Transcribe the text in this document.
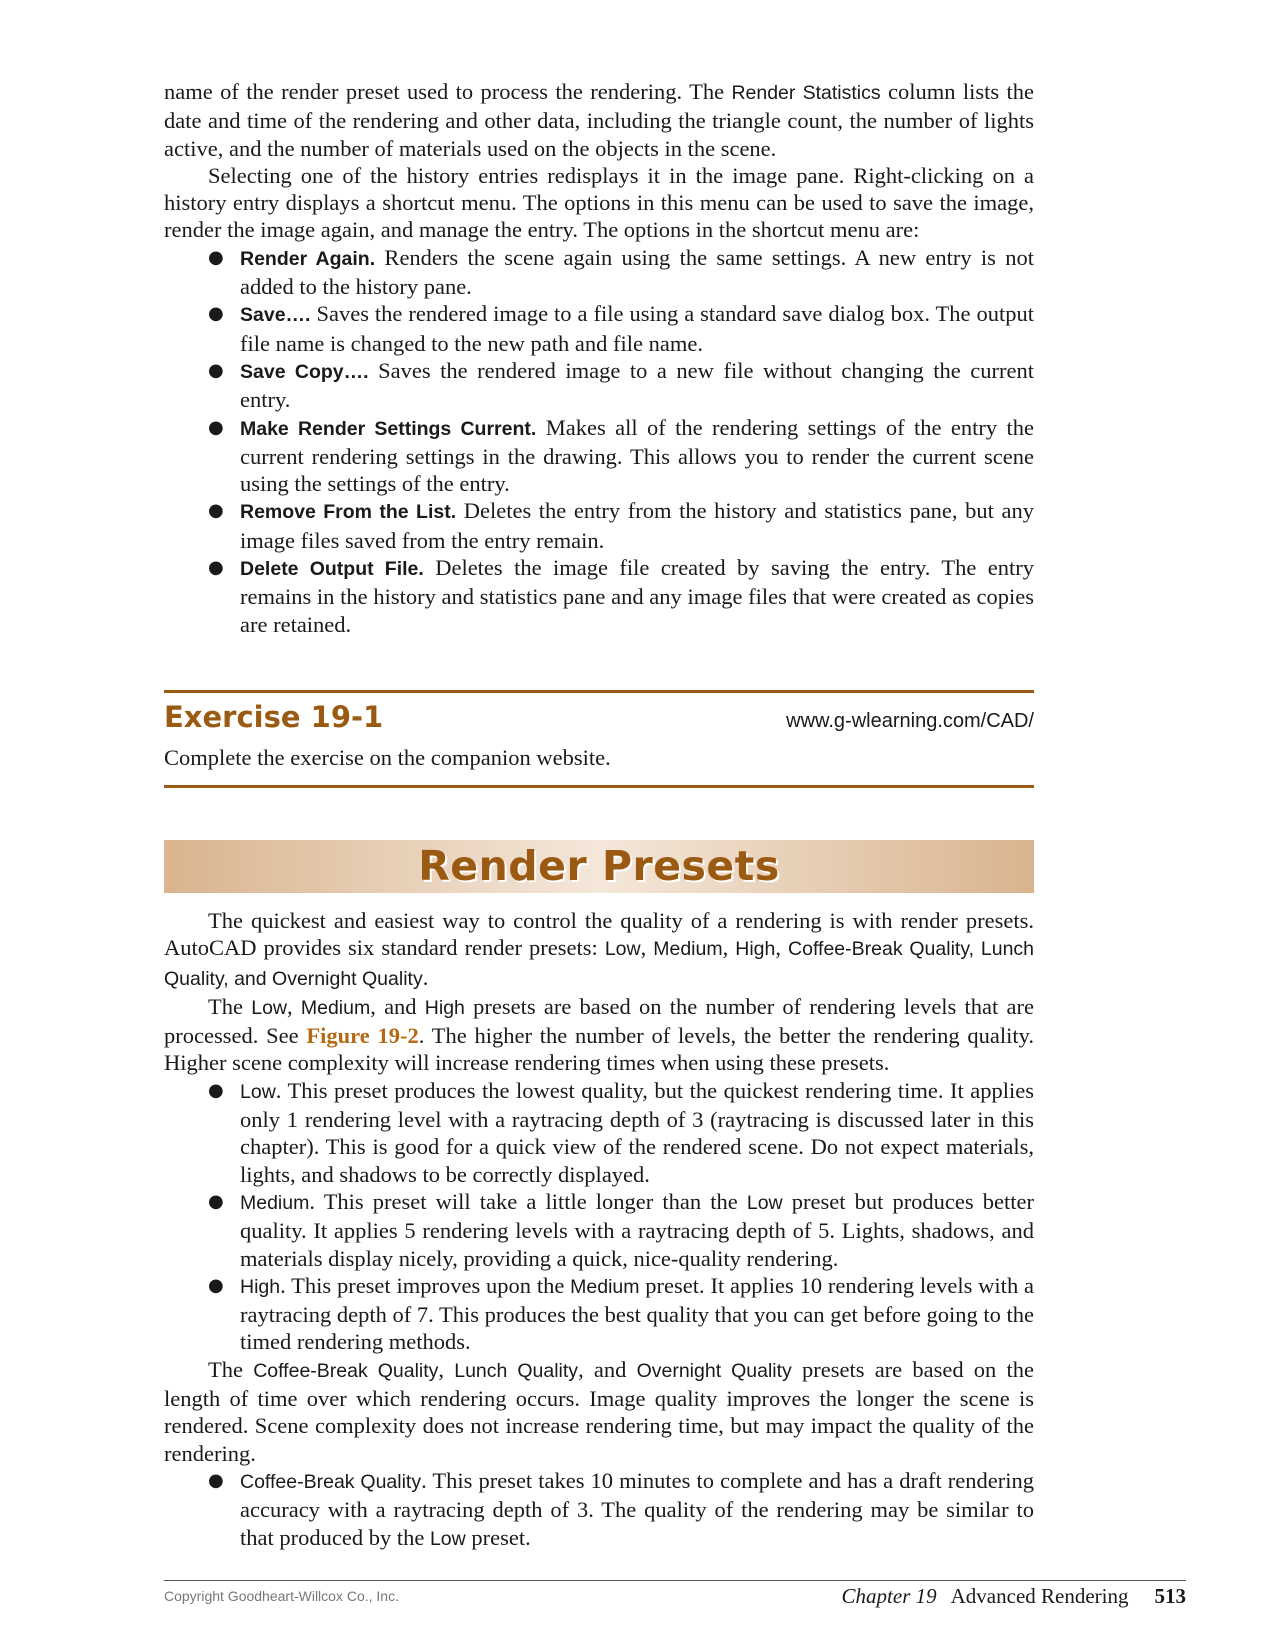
name of the render preset used to process the rendering. The Render Statistics column lists the date and time of the rendering and other data, including the triangle count, the number of lights active, and the number of materials used on the objects in the scene.

Selecting one of the history entries redisplays it in the image pane. Right-clicking on a history entry displays a shortcut menu. The options in this menu can be used to save the image, render the image again, and manage the entry. The options in the shortcut menu are:

● Render Again. Renders the scene again using the same settings. A new entry is not added to the history pane.
● Save…. Saves the rendered image to a file using a standard save dialog box. The output file name is changed to the new path and file name.
● Save Copy…. Saves the rendered image to a new file without changing the current entry.
● Make Render Settings Current. Makes all of the rendering settings of the entry the current rendering settings in the drawing. This allows you to render the current scene using the settings of the entry.
● Remove From the List. Deletes the entry from the history and statistics pane, but any image files saved from the entry remain.
● Delete Output File. Deletes the image file created by saving the entry. The entry remains in the history and statistics pane and any image files that were created as copies are retained.
Exercise 19-1	www.g-wlearning.com/CAD/
Complete the exercise on the companion website.
Render Presets

The quickest and easiest way to control the quality of a rendering is with render presets. AutoCAD provides six standard render presets: Low, Medium, High, Coffee-Break Quality, Lunch Quality, and Overnight Quality.

The Low, Medium, and High presets are based on the number of rendering levels that are processed. See Figure 19-2. The higher the number of levels, the better the rendering quality. Higher scene complexity will increase rendering times when using these presets.

● Low. This preset produces the lowest quality, but the quickest rendering time. It applies only 1 rendering level with a raytracing depth of 3 (raytracing is discussed later in this chapter). This is good for a quick view of the rendered scene. Do not expect materials, lights, and shadows to be correctly displayed.
● Medium. This preset will take a little longer than the Low preset but produces better quality. It applies 5 rendering levels with a raytracing depth of 5. Lights, shadows, and materials display nicely, providing a quick, nice-quality rendering.
● High. This preset improves upon the Medium preset. It applies 10 rendering levels with a raytracing depth of 7. This produces the best quality that you can get before going to the timed rendering methods.

The Coffee-Break Quality, Lunch Quality, and Overnight Quality presets are based on the length of time over which rendering occurs. Image quality improves the longer the scene is rendered. Scene complexity does not increase rendering time, but may impact the quality of the rendering.

● Coffee-Break Quality. This preset takes 10 minutes to complete and has a draft rendering accuracy with a raytracing depth of 3. The quality of the rendering may be similar to that produced by the Low preset.
Copyright Goodheart-Willcox Co., Inc.	Chapter 19 Advanced Rendering 513
